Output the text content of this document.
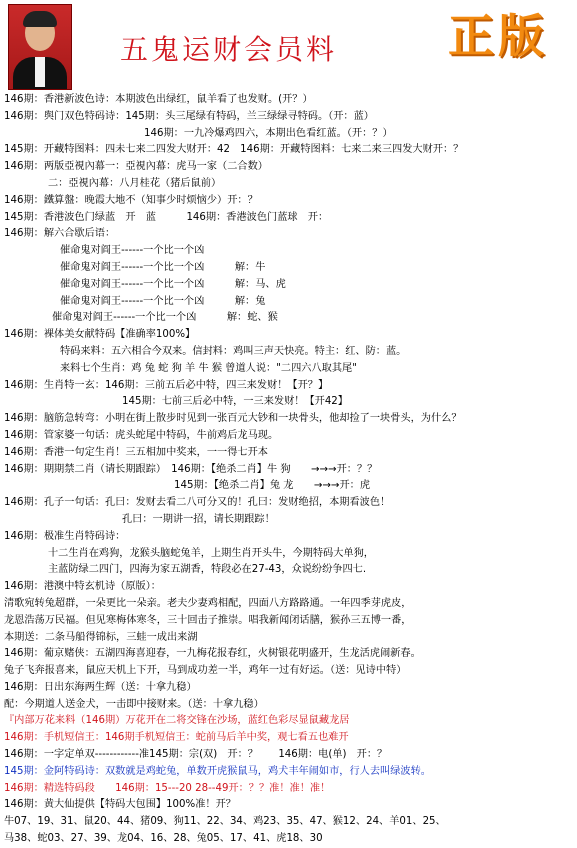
五鬼运财会员料 正版
146期：香港新波色诗：本期波色出绿红，鼠羊看了也发财。(开？）
146期：舆门双色特码诗：145期：头三尾绿有特码，兰三绿绿寻特码。（开：蓝）
146期：一九冷爆鸡四六，本期出色看红蓝。（开：？）
145期：开藏特图料：四未七来二四发大财开：42　146期：开藏特图料：七来二来三四发大财开：？
146期：两版亞視內幕一：亞視內幕：虎马一家（二合数）
二：亞視內幕：八月桂花（猪后鼠前）
146期：鐵算盤：晚霞大地不（知事少时烦恼少）开：？
145期：香港波色门绿蓝　开　蓝　　　146期：香港波色门蓝球　开：
146期：解六合歇后语：
催命鬼对阎王------一个比一个凶
催命鬼对阎王------一个比一个凶　　　解：牛
催命鬼对阎王------一个比一个凶　　　解：马、虎
催命鬼对阎王------一个比一个凶　　　解：兔
催命鬼对阎王------一个比一个凶　　　解：蛇、猴
146期：裸体美女献特码【准确率100%】
特码来料：五六相合今双来。信封料：鸡叫三声天快亮。特主：红、防：蓝。
来料七个生肖：鸡 兔 蛇 狗 羊 牛 猴 曾道人说："二四六八取其尾"
146期：生肖特一玄：146期：三前五后必中特，四三来发财！【开？】
145期：七前三后必中特，一三来发财！【开42】
146期：脑筋急转弯：小明在街上散步时见到一张百元大钞和一块骨头，他却捡了一块骨头，为什么？
146期：管家婆一句话：虎头蛇尾中特码，牛前鸡后龙马现。
146期：香港一句定生肖！三五相加中奖来，一一得七开本
146期：期期禁二肖（请长期跟踪）　146期：【绝杀二肖】牛 狗　　→→→开：？？
145期：【绝杀二肖】兔 龙　　→→→开：虎
146期：孔子一句话：孔曰：发财去看二八可分又的！孔曰：发财绝招，本期看波色！
孔曰：一期讲一招，请长期跟踪！
146期：极准生肖特码诗：
十二生肖在鸡狗，龙猴头脑蛇兔羊，上期生肖开头牛，今期特码大单狗，
主蓝防绿二四门，四海为家五湖香，特段必在27-43，众说纷纷争四七.
146期：港澳中特玄机诗（原版）：
清歌宛转兔超群，一朵更比一朵亲。老夫少妻鸡相配，四面八方路路通。一年四季芽虎皮，
龙恩浩荡万民福。但见寒梅体寒冬，三十回击子推崇。唱我新闻闭话膳，猴孙三五博一番，
本期送：二条马船得锦标，三蛙一成出来湖
146期：葡京赌侠：五湖四海喜迎春，一九梅花报春红，火树银花明盛开，生龙活虎闹新春。
兔子飞奔报喜来，鼠应天机上下开，马到成功差一半，鸡年一过有好运。（送：见诗中特）
146期：日出东海两生辉（送：十拿九稳）
配：今期道人送金犬，一击即中接财来。（送：十拿九稳）
『内部万花来料（146期）万花开在二将交锋在沙场，蓝红色彩尽显鼠藏龙居
146期：手机短信王：146期手机短信王：蛇前马后羊中奖，观七看五也难开
146期：一字定单双------------准145期：宗(双)　开：？　　146期：电(单)　开：？
145期：金阿特码诗：双数就是鸡蛇兔，单数开虎猴鼠马，鸡犬丰年闹如市，行人去叫绿波转。
146期：精选特码段　　146期：15---20 28--49开：？？准！准！准！
146期：黄大仙提供【特码大包围】100%准！开？
牛07、19、31、鼠20、44、猪09、狗11、22、34、鸡23、35、47、猴12、24、羊01、25、
马38、蛇03、27、39、龙04、16、28、兔05、17、41、虎18、30
